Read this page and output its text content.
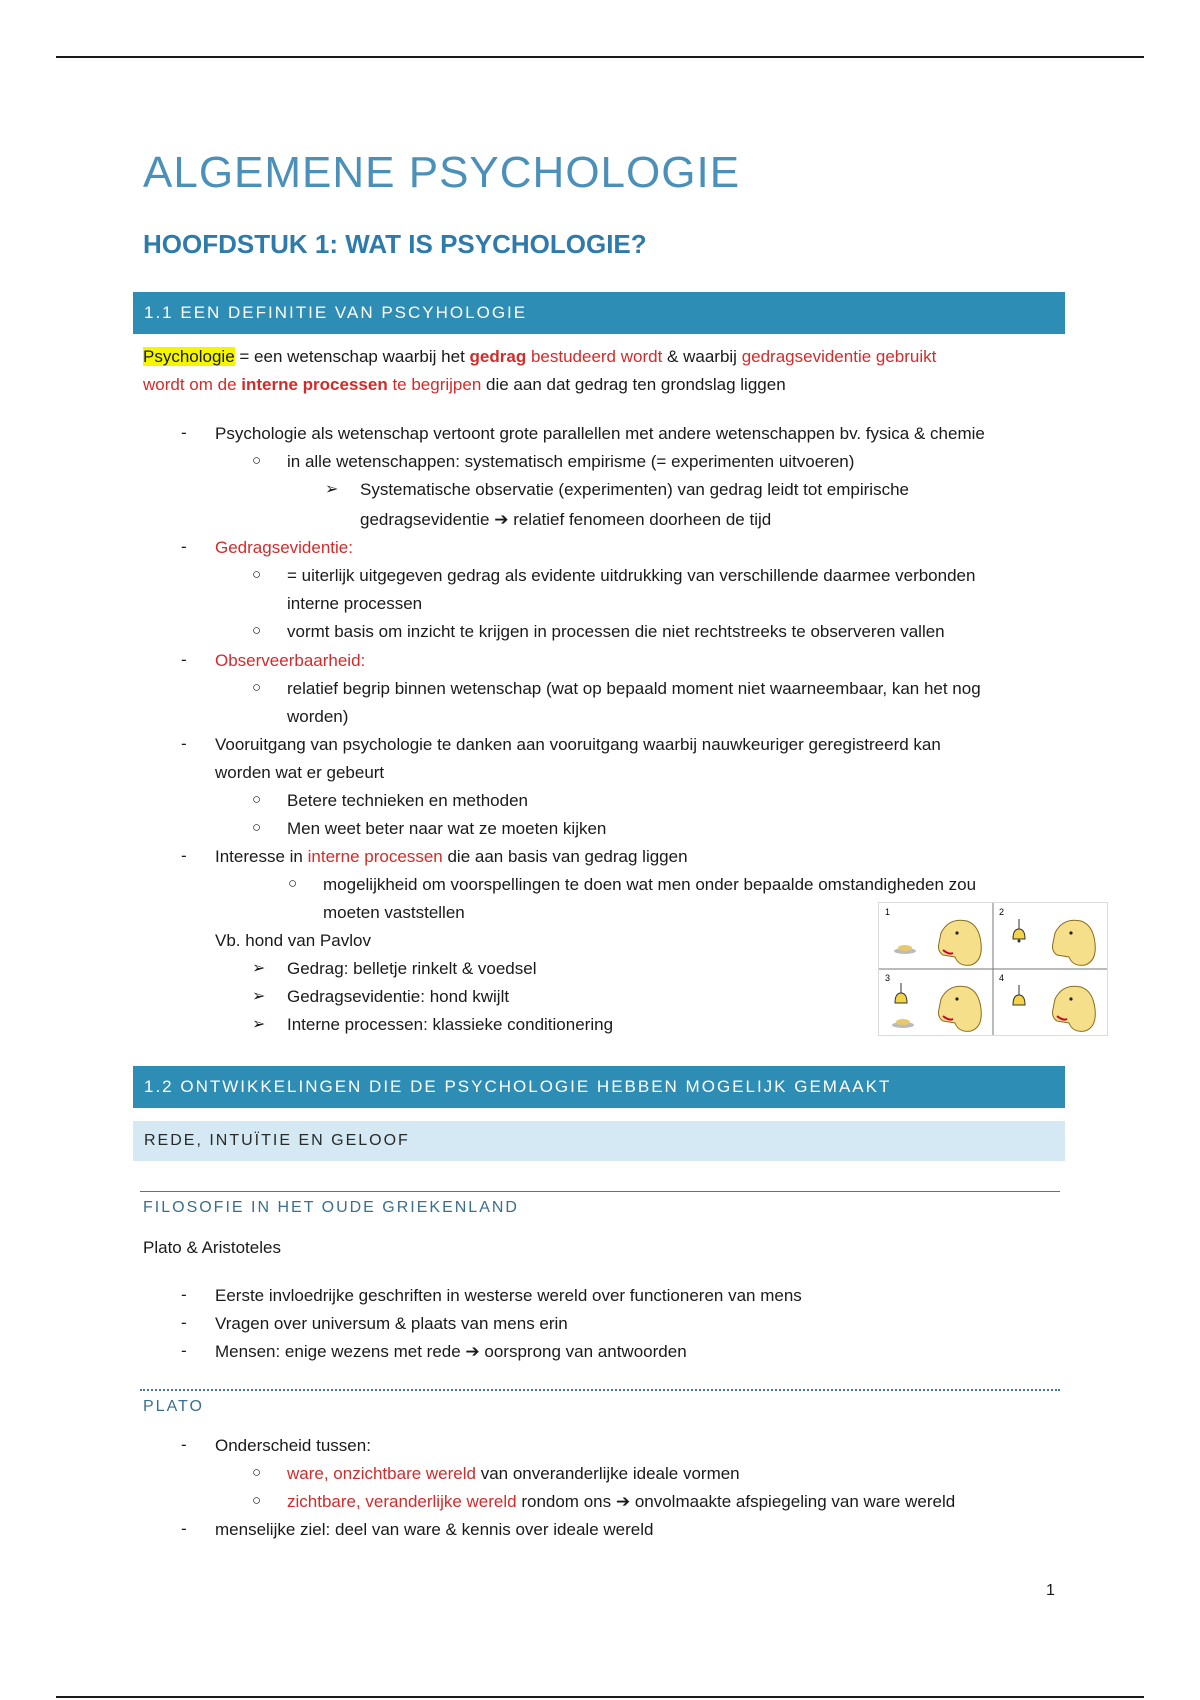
ALGEMENE PSYCHOLOGIE
HOOFDSTUK 1: WAT IS PSYCHOLOGIE?
1.1 EEN DEFINITIE VAN PSCYHOLOGIE
Psychologie = een wetenschap waarbij het gedrag bestudeerd wordt & waarbij gedragsevidentie gebruikt
wordt om de interne processen te begrijpen die aan dat gedrag ten grondslag liggen
- Psychologie als wetenschap vertoont grote parallellen met andere wetenschappen bv. fysica & chemie
○ in alle wetenschappen: systematisch empirisme (= experimenten uitvoeren)
➢ Systematische observatie (experimenten) van gedrag leidt tot empirische
gedragsevidentie ➔ relatief fenomeen doorheen de tijd
- Gedragsevidentie:
○ = uiterlijk uitgegeven gedrag als evidente uitdrukking van verschillende daarmee verbonden
interne processen
○ vormt basis om inzicht te krijgen in processen die niet rechtstreeks te observeren vallen
- Observeerbaarheid:
○ relatief begrip binnen wetenschap (wat op bepaald moment niet waarneembaar, kan het nog
worden)
- Vooruitgang van psychologie te danken aan vooruitgang waarbij nauwkeuriger geregistreerd kan
worden wat er gebeurt
○ Betere technieken en methoden
○ Men weet beter naar wat ze moeten kijken
- Interesse in interne processen die aan basis van gedrag liggen
○ mogelijkheid om voorspellingen te doen wat men onder bepaalde omstandigheden zou
moeten vaststellen
Vb. hond van Pavlov
➢ Gedrag: belletje rinkelt & voedsel
➢ Gedragsevidentie: hond kwijlt
➢ Interne processen: klassieke conditionering
1	2
3	4
1.2 ONTWIKKELINGEN DIE DE PSYCHOLOGIE HEBBEN MOGELIJK GEMAAKT
REDE, INTUÏTIE EN GELOOF
FILOSOFIE IN HET OUDE GRIEKENLAND
Plato & Aristoteles
- Eerste invloedrijke geschriften in westerse wereld over functioneren van mens
- Vragen over universum & plaats van mens erin
- Mensen: enige wezens met rede ➔ oorsprong van antwoorden
PLATO
- Onderscheid tussen:
○ ware, onzichtbare wereld van onveranderlijke ideale vormen
○ zichtbare, veranderlijke wereld rondom ons ➔ onvolmaakte afspiegeling van ware wereld
- menselijke ziel: deel van ware & kennis over ideale wereld
1
